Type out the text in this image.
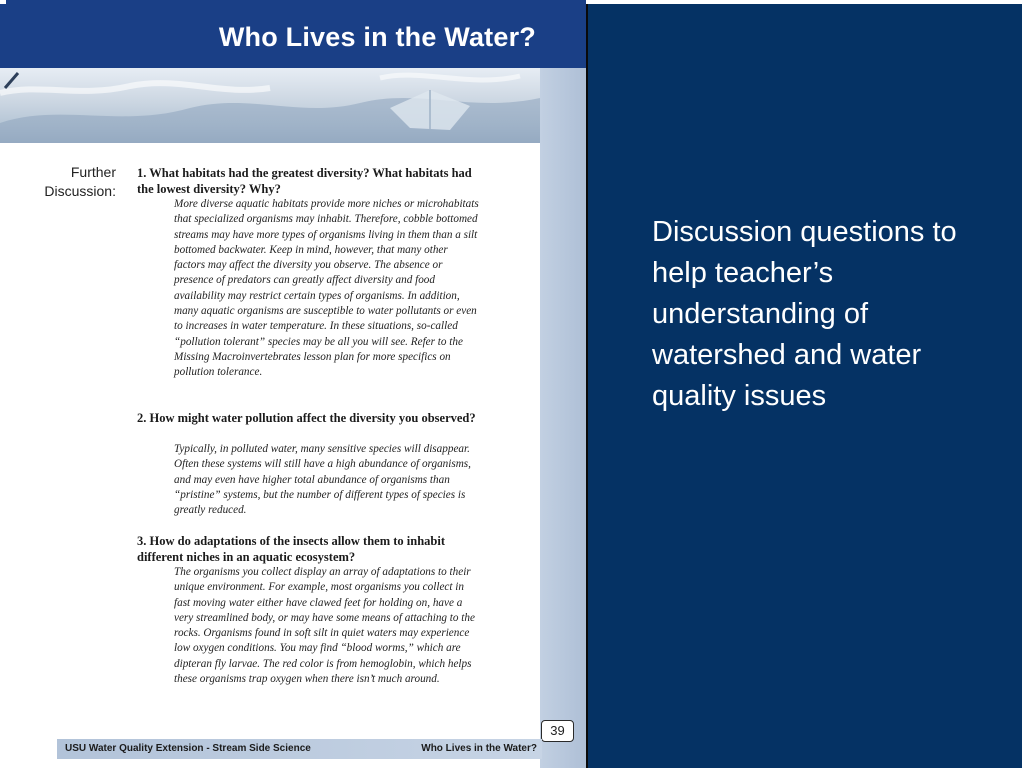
Who Lives in the Water?
Further Discussion:
1. What habitats had the greatest diversity? What habitats had the lowest diversity? Why?
More diverse aquatic habitats provide more niches or microhabitats that specialized organisms may inhabit. Therefore, cobble bottomed streams may have more types of organisms living in them than a silt bottomed backwater. Keep in mind, however, that many other factors may affect the diversity you observe. The absence or presence of predators can greatly affect diversity and food availability may restrict certain types of organisms. In addition, many aquatic organisms are susceptible to water pollutants or even to increases in water temperature. In these situations, so-called “pollution tolerant” species may be all you will see. Refer to the Missing Macroinvertebrates lesson plan for more specifics on pollution tolerance.
2. How might water pollution affect the diversity you observed?
Typically, in polluted water, many sensitive species will disappear. Often these systems will still have a high abundance of organisms, and may even have higher total abundance of organisms than “pristine” systems, but the number of different types of species is greatly reduced.
3. How do adaptations of the insects allow them to inhabit different niches in an aquatic ecosystem?
The organisms you collect display an array of adaptations to their unique environment. For example, most organisms you collect in fast moving water either have clawed feet for holding on, have a very streamlined body, or may have some means of attaching to the rocks. Organisms found in soft silt in quiet waters may experience low oxygen conditions. You may find “blood worms,” which are dipteran fly larvae. The red color is from hemoglobin, which helps these organisms trap oxygen when there isn’t much around.
39
USU Water Quality Extension - Stream Side Science	Who Lives in the Water?
Discussion questions to help teacher’s understanding of watershed and water quality issues
